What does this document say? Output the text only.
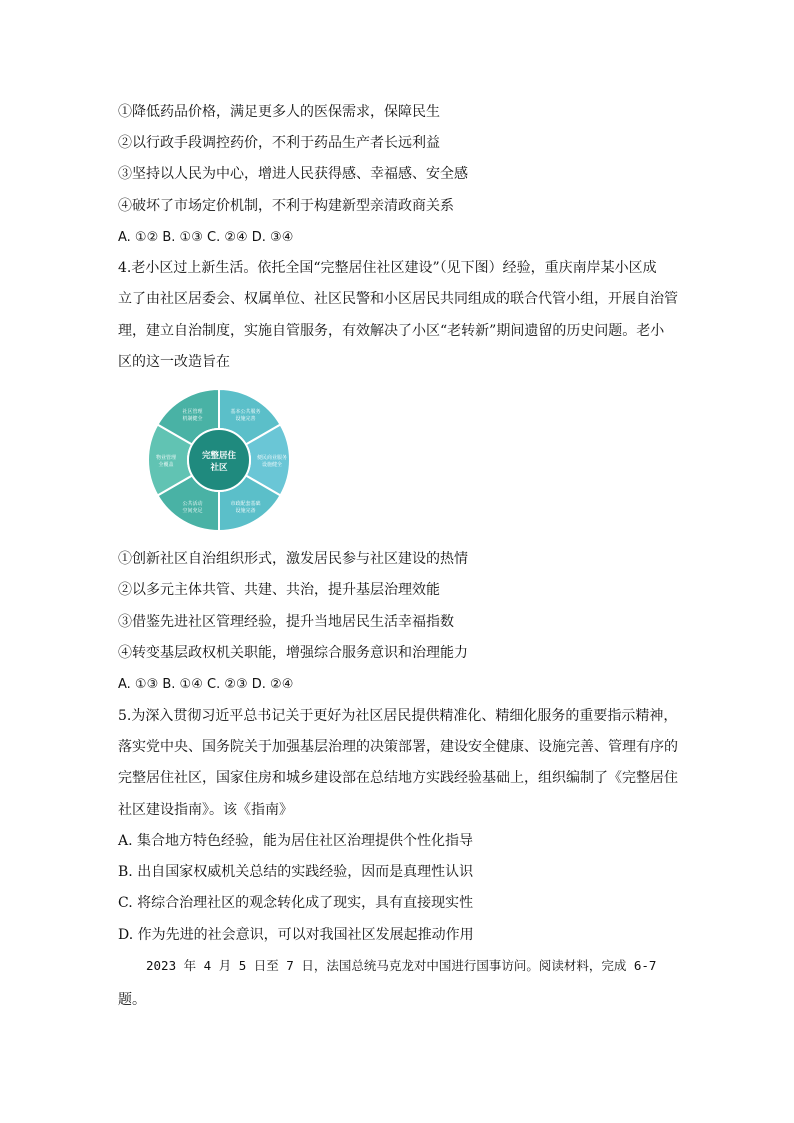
①降低药品价格，满足更多人的医保需求，保障民生
②以行政手段调控药价，不利于药品生产者长远利益
③坚持以人民为中心，增进人民获得感、幸福感、安全感
④破坏了市场定价机制，不利于构建新型亲清政商关系
A. ①② B. ①③ C. ②④ D. ③④
4.老小区过上新生活。依托全国“完整居住社区建设”（见下图）经验，重庆南岸某小区成
立了由社区居委会、权属单位、社区民警和小区居民共同组成的联合代管小组，开展自治管
理，建立自治制度，实施自管服务，有效解决了小区“老转新”期间遗留的历史问题。老小
区的这一改造旨在
基本公共服务
设施完善
便民商业服务
设施健全
市政配套基础
设施完备
公共活动
空间充足
物业管理
全覆盖
社区管理
机制健全
完整居住
社区
①创新社区自治组织形式，激发居民参与社区建设的热情
②以多元主体共管、共建、共治，提升基层治理效能
③借鉴先进社区管理经验，提升当地居民生活幸福指数
④转变基层政权机关职能，增强综合服务意识和治理能力
A. ①③ B. ①④ C. ②③ D. ②④
5.为深入贯彻习近平总书记关于更好为社区居民提供精准化、精细化服务的重要指示精神，
落实党中央、国务院关于加强基层治理的决策部署，建设安全健康、设施完善、管理有序的
完整居住社区，国家住房和城乡建设部在总结地方实践经验基础上，组织编制了《完整居住
社区建设指南》。该《指南》
A. 集合地方特色经验，能为居住社区治理提供个性化指导
B. 出自国家权威机关总结的实践经验，因而是真理性认识
C. 将综合治理社区的观念转化成了现实，具有直接现实性
D. 作为先进的社会意识，可以对我国社区发展起推动作用
2023 年 4 月 5 日至 7 日，法国总统马克龙对中国进行国事访问。阅读材料，完成 6-7
题。
